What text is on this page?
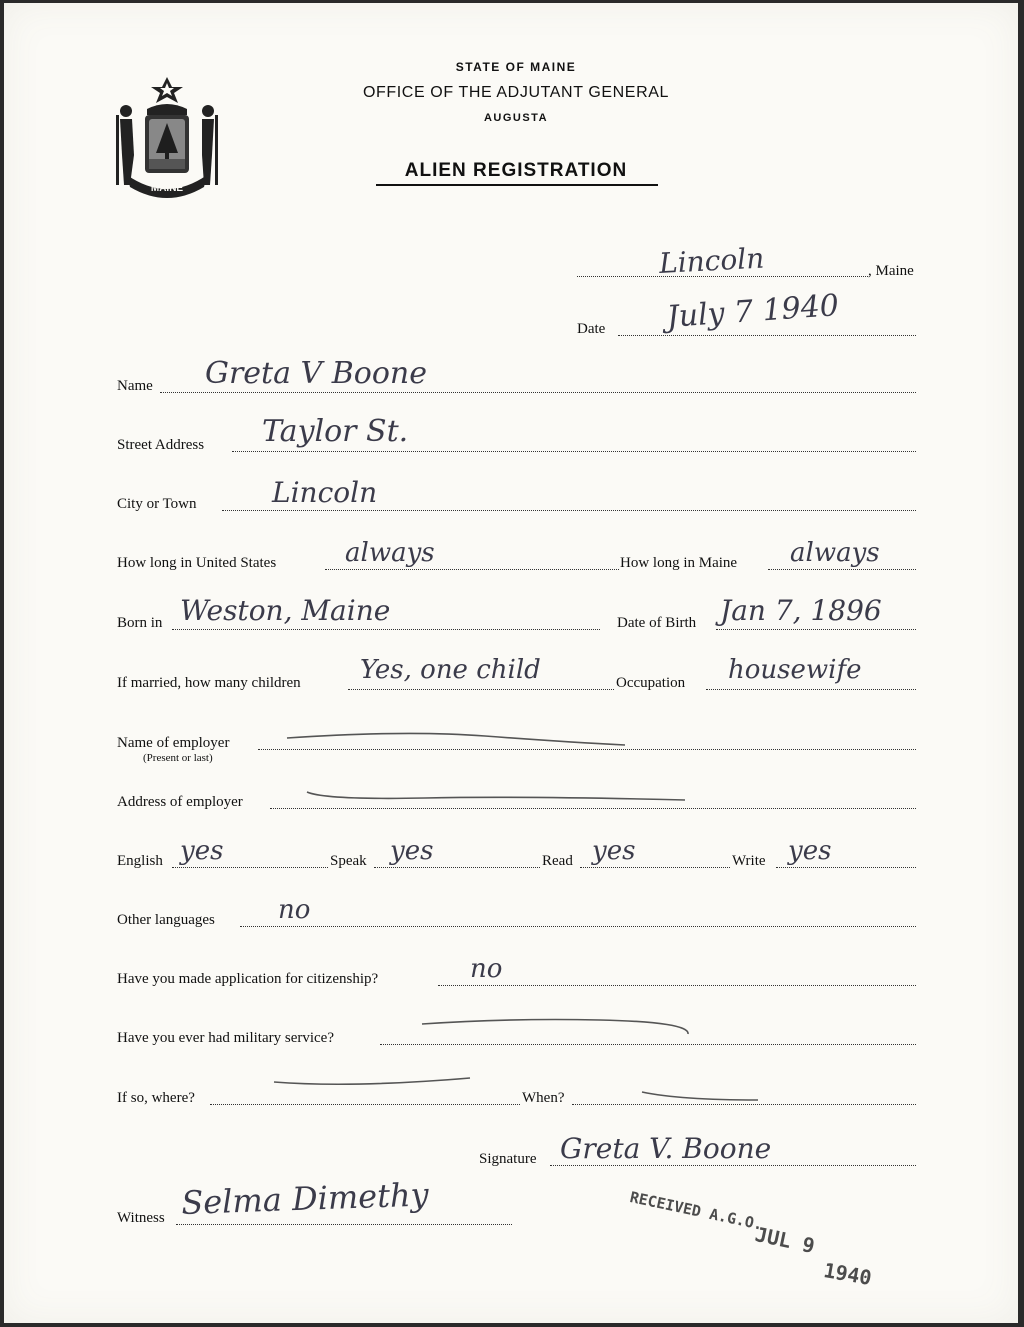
MAINE
STATE OF MAINE
OFFICE OF THE ADJUTANT GENERAL
AUGUSTA
ALIEN REGISTRATION
, Maine
Lincoln
Date July 7 1940
Name Greta V Boone
Street Address Taylor St.
City or Town	Lincoln
How long in United States	always	How long in Maine always
Born in Weston, Maine	Date of Birth Jan 7, 1896
If married, how many children Yes, one child	Occupation housewife
Name of employer
(Present or last)
Address of employer
English yes	Speak yes	Read yes	Write yes
Other languages no
Have you made application for citizenship?	no
Have you ever had military service?
If so, where?	When?
Signature Greta V. Boone
Witness Selma Dimethy	RECEIVED A.G.O.
JUL 9
1940
